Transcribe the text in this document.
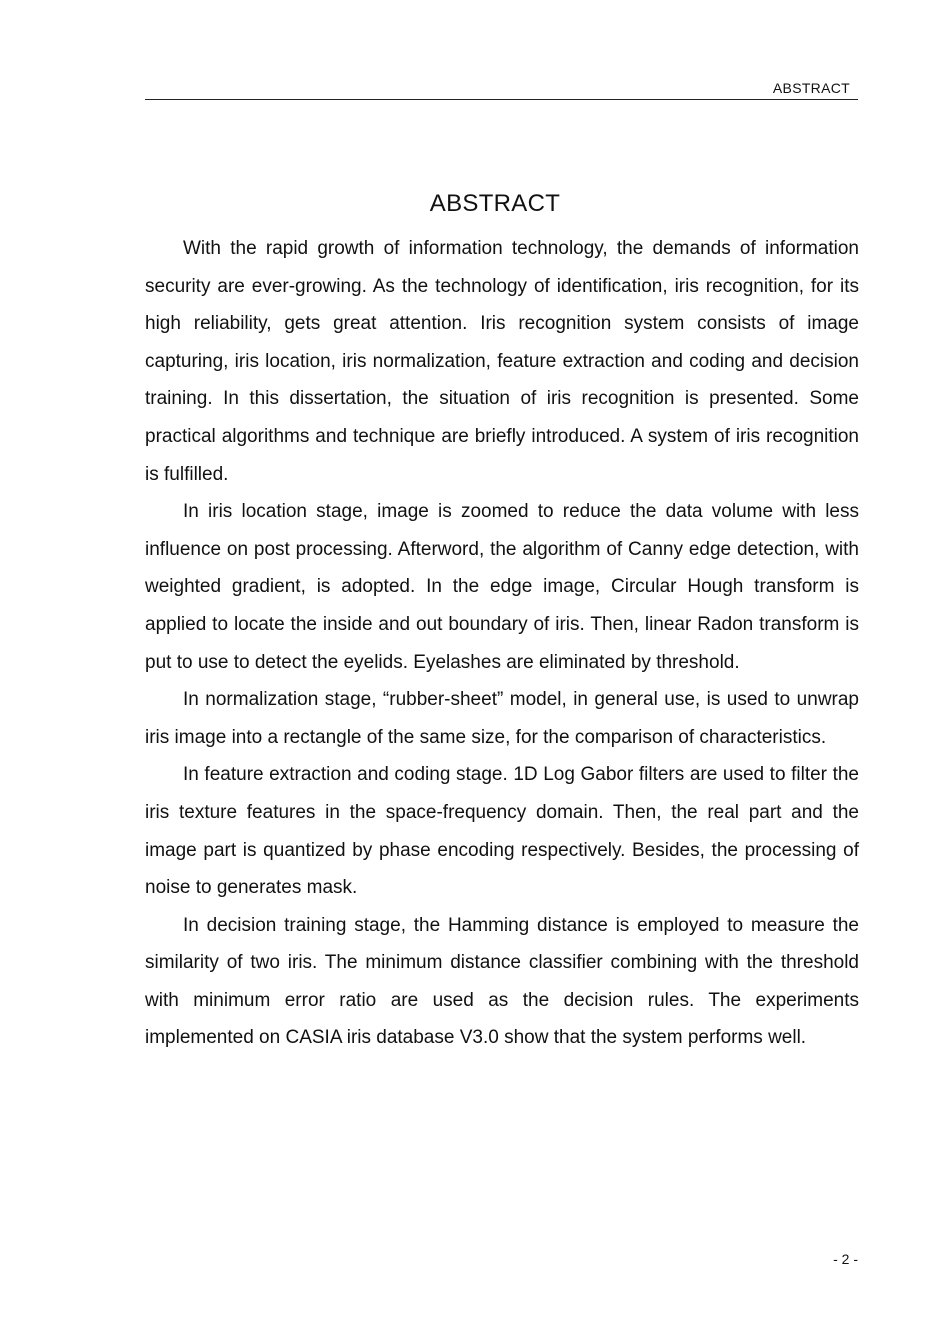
ABSTRACT
ABSTRACT

With the rapid growth of information technology, the demands of information security are ever-growing. As the technology of identification, iris recognition, for its high reliability, gets great attention. Iris recognition system consists of image capturing, iris location, iris normalization, feature extraction and coding and decision training. In this dissertation, the situation of iris recognition is presented. Some practical algorithms and technique are briefly introduced. A system of iris recognition is fulfilled.

In iris location stage, image is zoomed to reduce the data volume with less influence on post processing. Afterword, the algorithm of Canny edge detection, with weighted gradient, is adopted. In the edge image, Circular Hough transform is applied to locate the inside and out boundary of iris. Then, linear Radon transform is put to use to detect the eyelids. Eyelashes are eliminated by threshold.

In normalization stage, “rubber-sheet” model, in general use, is used to unwrap iris image into a rectangle of the same size, for the comparison of characteristics.

In feature extraction and coding stage. 1D Log Gabor filters are used to filter the iris texture features in the space-frequency domain. Then, the real part and the image part is quantized by phase encoding respectively. Besides, the processing of noise to generates mask.

In decision training stage, the Hamming distance is employed to measure the similarity of two iris. The minimum distance classifier combining with the threshold with minimum error ratio are used as the decision rules. The experiments implemented on CASIA iris database V3.0 show that the system performs well.

- 2 -
